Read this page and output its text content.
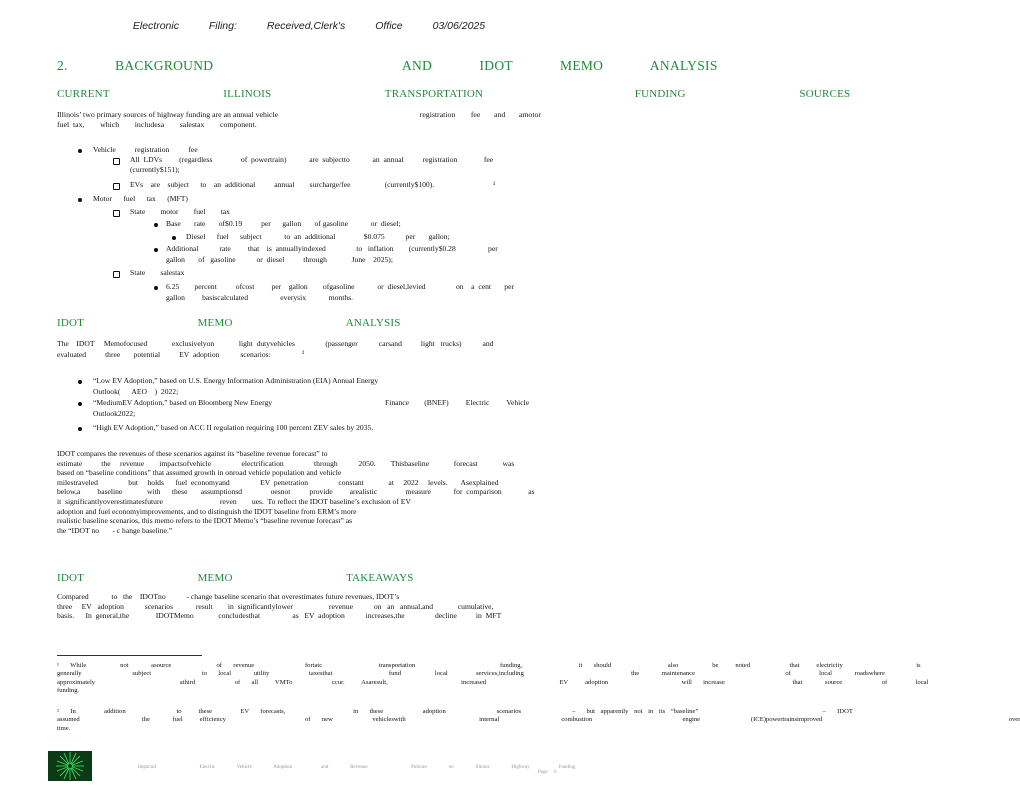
Electronic	Filing:	Received,Clerk's	Office	03/06/2025
2.  BACKGROUND        AND  IDOT  MEMO  ANALYSIS
CURRENT      ILLINOIS      TRANSPORTATION        FUNDING      SOURCES
Illinois’ two primary sources of highway funding are an annual vehicle	registration        fee       and       amotor
fuel  tax,        which        includesa        salestax        component.
Vehicle          registration          fee
All  LDVs         (regardless               of  powertrain)            are  subjectto            an  annual          registration              fee
(currently$151);
EVs    are    subject      to    an  additional          annual        surcharge/fee                  (currently$100).	¹
Motor      fuel      tax      (MFT)
State        motor        fuel        tax
Base       rate       of$0.19          per      gallon       of gasoline            or  diesel;
Diesel      fuel      subject            to  an  additional               $0.075           per       gallon;
Additional           rate         that    is  annuallyindexed                to   inflation        (currently$0.28                 per
gallon       of   gasoline           or  diesel          through             June    2025);
State        salestax
6.25        percent          ofcost         per    gallon        ofgasoline            or  diesel,levied                on    a  cent       per
gallon         basiscalculated                 everysix            months.
IDOT      MEMO      ANALYSIS
The    IDOT     Memofocused             exclusivelyon             light  dutyvehicles                (passenger           carsand          light   trucks)           and
evaluated          three       potential          EV  adoption           scenarios:	²
“Low EV Adoption,” based on U.S. Energy Information Administration (EIA) Annual Energy
Outlook(      AEO    )  2022;
“MediumEV Adoption,” based on Bloomberg New Energy	Finance        (BNEF)         Electric         Vehicle
Outlook2022;
“High EV Adoption,” based on ACC II regulation requiring 100 percent ZEV sales by 2035.
IDOT compares the revenues of these scenarios against its “baseline revenue forecast” to
estimate          the     revenue        impactsofvehicle                electrification                through           2050.        Thisbaseline             forecast             was
based on “baseline conditions” that assumed growth in onroad vehicle population and vehicle
milestraveled                but     holds      fuel  economyand                EV  penetration                constant             at     2022     levels.       Asexplained
below,a         baseline             with      these       assumptionsd               oesnot          provide         arealistic               measure            for  comparison              as
it  significantlyoverestimatesfuture                              reven        ues.  To reflect the IDOT baseline’s exclusion of EV
adoption and fuel economyimprovements, and to distinguish the IDOT baseline from ERM’s more
realistic baseline scenarios, this memo refers to the IDOT Memo’s “baseline revenue forecast” as
the “IDOT no       - c hange baseline.”
IDOT      MEMO      TAKEAWAYS
Compared            to   the    IDOTno           - change baseline scenario that overestimates future revenues, IDOT’s
three     EV   adoption           scenarios            result        in  significantlylower                   revenue           on   an   annual,and             cumulative,
basis.      In  general,the              IDOTMemo             concludesthat                 as   EV  adoption           increases,the                decline          in  MFT
¹  While      not    asource        of  revenue         fortatc          transportation               funding,          it  should          also      be   noted       that   electricity             is
generally         subject         to  local    utility       taxesthat          fund      local     services,including                   the    maintenance                of     local    roadswhere
approximately               athird       of  all   VMTo       ccur.   Asaresult,             increased             EV   adoption             will  increase            that    source       of     local
funding.
²  In     addition         to   these     EV  forecasts,            in  these       adoption         scenarios         –  but apparently not in its “baseline”                      –  IDOT
assumed           the    fuel   efficiency              of  new       vehicleswith             internal           combustion                engine         (ICE)powertrainsimproved                                 over
time.
Impactof      Electric   Vehicle   Adoption    and   Revenue      Policies   on   Illinois   Highway    Funding
Page     6
